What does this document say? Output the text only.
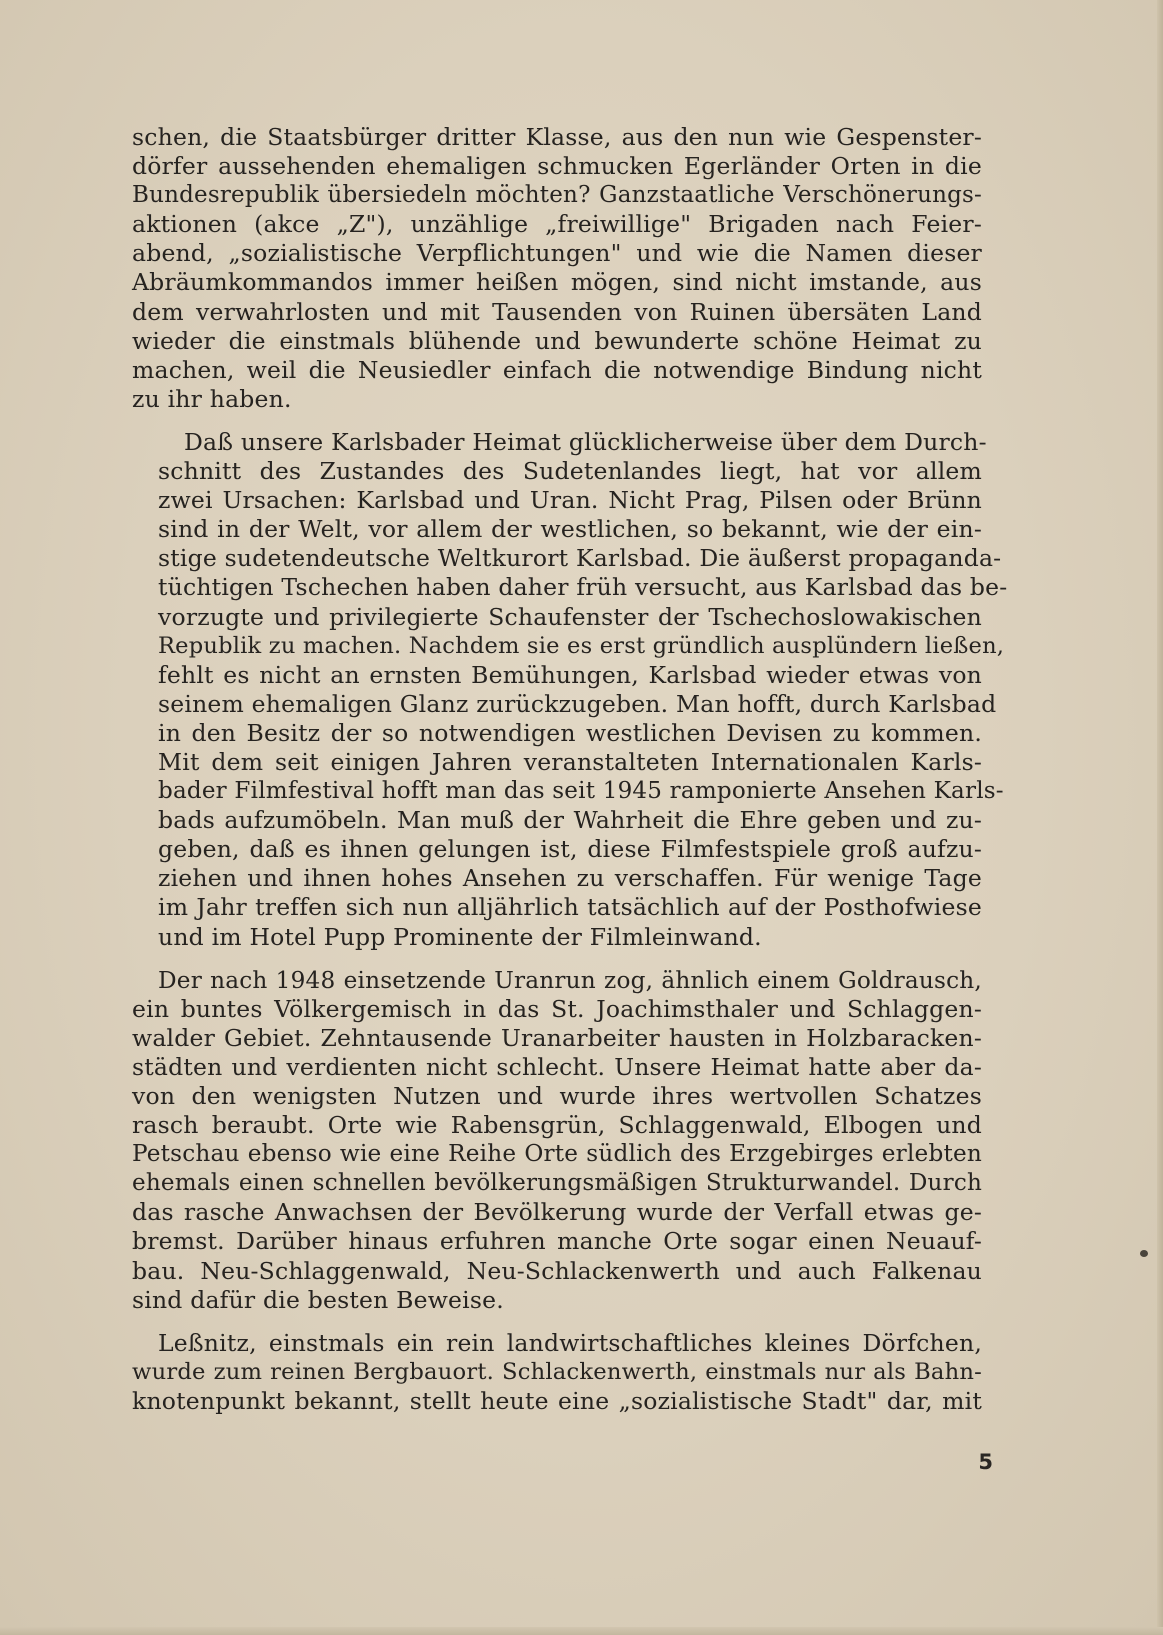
schen, die Staatsbürger dritter Klasse, aus den nun wie Gespenster-
dörfer aussehenden ehemaligen schmucken Egerländer Orten in die
Bundesrepublik übersiedeln möchten? Ganzstaatliche Verschönerungs-
aktionen (akce „Z"), unzählige „freiwillige" Brigaden nach Feier-
abend, „sozialistische Verpflichtungen" und wie die Namen dieser
Abräumkommandos immer heißen mögen, sind nicht imstande, aus
dem verwahrlosten und mit Tausenden von Ruinen übersäten Land
wieder die einstmals blühende und bewunderte schöne Heimat zu
machen, weil die Neusiedler einfach die notwendige Bindung nicht
zu ihr haben.

Daß unsere Karlsbader Heimat glücklicherweise über dem Durch-
schnitt des Zustandes des Sudetenlandes liegt, hat vor allem
zwei Ursachen: Karlsbad und Uran. Nicht Prag, Pilsen oder Brünn
sind in der Welt, vor allem der westlichen, so bekannt, wie der ein-
stige sudetendeutsche Weltkurort Karlsbad. Die äußerst propaganda-
tüchtigen Tschechen haben daher früh versucht, aus Karlsbad das be-
vorzugte und privilegierte Schaufenster der Tschechoslowakischen
Republik zu machen. Nachdem sie es erst gründlich ausplündern ließen,
fehlt es nicht an ernsten Bemühungen, Karlsbad wieder etwas von
seinem ehemaligen Glanz zurückzugeben. Man hofft, durch Karlsbad
in den Besitz der so notwendigen westlichen Devisen zu kommen.
Mit dem seit einigen Jahren veranstalteten Internationalen Karls-
bader Filmfestival hofft man das seit 1945 ramponierte Ansehen Karls-
bads aufzumöbeln. Man muß der Wahrheit die Ehre geben und zu-
geben, daß es ihnen gelungen ist, diese Filmfestspiele groß aufzu-
ziehen und ihnen hohes Ansehen zu verschaffen. Für wenige Tage
im Jahr treffen sich nun alljährlich tatsächlich auf der Posthofwiese
und im Hotel Pupp Prominente der Filmleinwand.

Der nach 1948 einsetzende Uranrun zog, ähnlich einem Goldrausch,
ein buntes Völkergemisch in das St. Joachimsthaler und Schlaggen-
walder Gebiet. Zehntausende Uranarbeiter hausten in Holzbaracken-
städten und verdienten nicht schlecht. Unsere Heimat hatte aber da-
von den wenigsten Nutzen und wurde ihres wertvollen Schatzes
rasch beraubt. Orte wie Rabensgrün, Schlaggenwald, Elbogen und
Petschau ebenso wie eine Reihe Orte südlich des Erzgebirges erlebten
ehemals einen schnellen bevölkerungsmäßigen Strukturwandel. Durch
das rasche Anwachsen der Bevölkerung wurde der Verfall etwas ge-
bremst. Darüber hinaus erfuhren manche Orte sogar einen Neuauf-
bau. Neu-Schlaggenwald, Neu-Schlackenwerth und auch Falkenau
sind dafür die besten Beweise.

Leßnitz, einstmals ein rein landwirtschaftliches kleines Dörfchen,
wurde zum reinen Bergbauort. Schlackenwerth, einstmals nur als Bahn-
knotenpunkt bekannt, stellt heute eine „sozialistische Stadt" dar, mit

5
